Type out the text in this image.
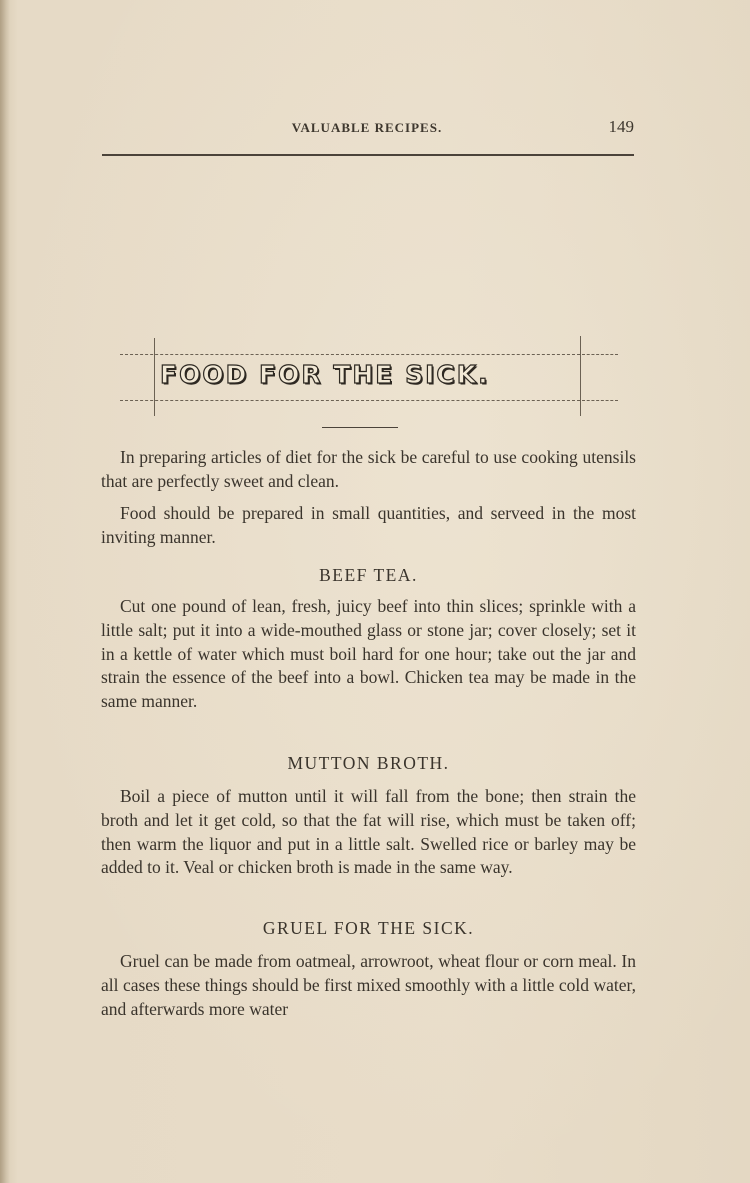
VALUABLE RECIPES.	149
FOOD FOR THE SICK.
In preparing articles of diet for the sick be careful to use cooking utensils that are perfectly sweet and clean.
Food should be prepared in small quantities, and serveed in the most inviting manner.
BEEF TEA.
Cut one pound of lean, fresh, juicy beef into thin slices; sprinkle with a little salt; put it into a wide-mouthed glass or stone jar; cover closely; set it in a kettle of water which must boil hard for one hour; take out the jar and strain the essence of the beef into a bowl. Chicken tea may be made in the same manner.
MUTTON BROTH.
Boil a piece of mutton until it will fall from the bone; then strain the broth and let it get cold, so that the fat will rise, which must be taken off; then warm the liquor and put in a little salt. Swelled rice or barley may be added to it. Veal or chicken broth is made in the same way.
GRUEL FOR THE SICK.
Gruel can be made from oatmeal, arrowroot, wheat flour or corn meal. In all cases these things should be first mixed smoothly with a little cold water, and afterwards more water
